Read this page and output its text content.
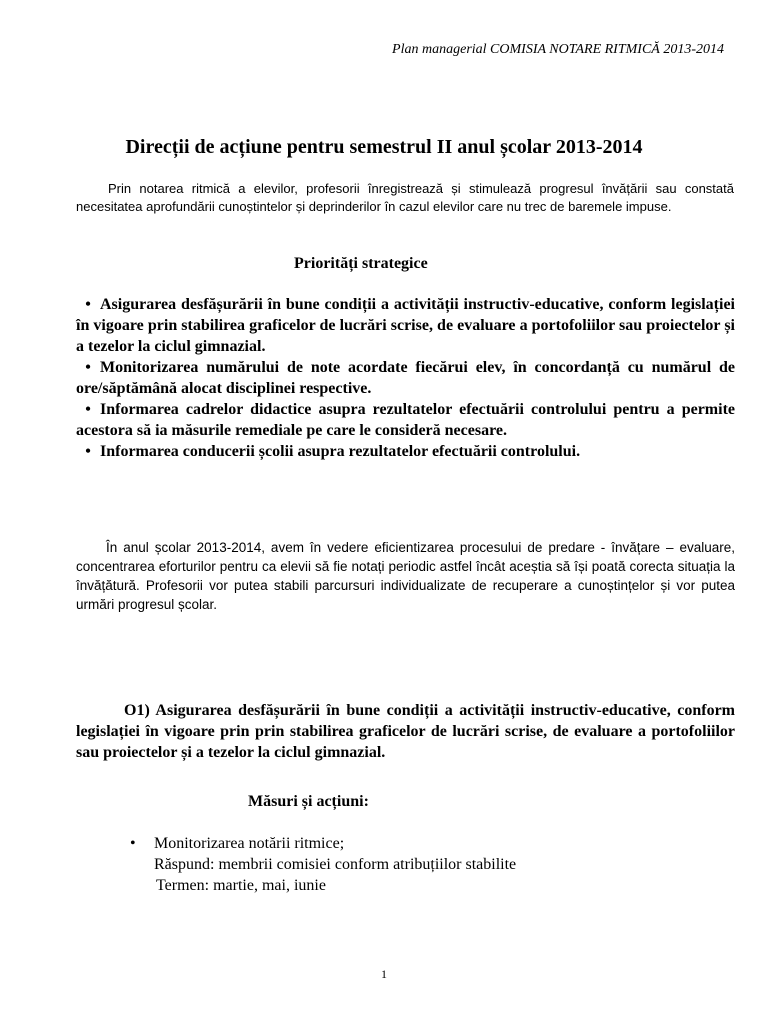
Plan managerial COMISIA NOTARE RITMICĂ 2013-2014
Direcții de acțiune pentru semestrul II anul școlar 2013-2014

Prin notarea ritmică a elevilor, profesorii înregistrează și stimulează progresul învățării sau constată necesitatea aprofundării cunoștintelor și deprinderilor în cazul elevilor care nu trec de baremele impuse.

Priorități strategice
• Asigurarea desfășurării în bune condiții a activității instructiv-educative, conform legislației în vigoare prin stabilirea graficelor de lucrări scrise, de evaluare a portofoliilor sau proiectelor și a tezelor la ciclul gimnazial.
• Monitorizarea numărului de note acordate fiecărui elev, în concordanță cu numărul de ore/săptămână alocat disciplinei respective.
• Informarea cadrelor didactice asupra rezultatelor efectuării controlului pentru a permite acestora să ia măsurile remediale pe care le consideră necesare.
• Informarea conducerii școlii asupra rezultatelor efectuării controlului.

În anul școlar 2013-2014, avem în vedere eficientizarea procesului de predare - învățare – evaluare, concentrarea eforturilor pentru ca elevii să fie notați periodic astfel încât aceștia să își poată corecta situația la învățătură. Profesorii vor putea stabili parcursuri individualizate de recuperare a cunoștințelor și vor putea urmări progresul școlar.

O1) Asigurarea desfășurării în bune condiții a activității instructiv-educative, conform legislației în vigoare prin prin stabilirea graficelor de lucrări scrise, de evaluare a portofoliilor sau proiectelor și a tezelor la ciclul gimnazial.

Măsuri și acțiuni:
• Monitorizarea notării ritmice;
Răspund: membrii comisiei conform atribuțiilor stabilite
Termen: martie, mai, iunie
1
